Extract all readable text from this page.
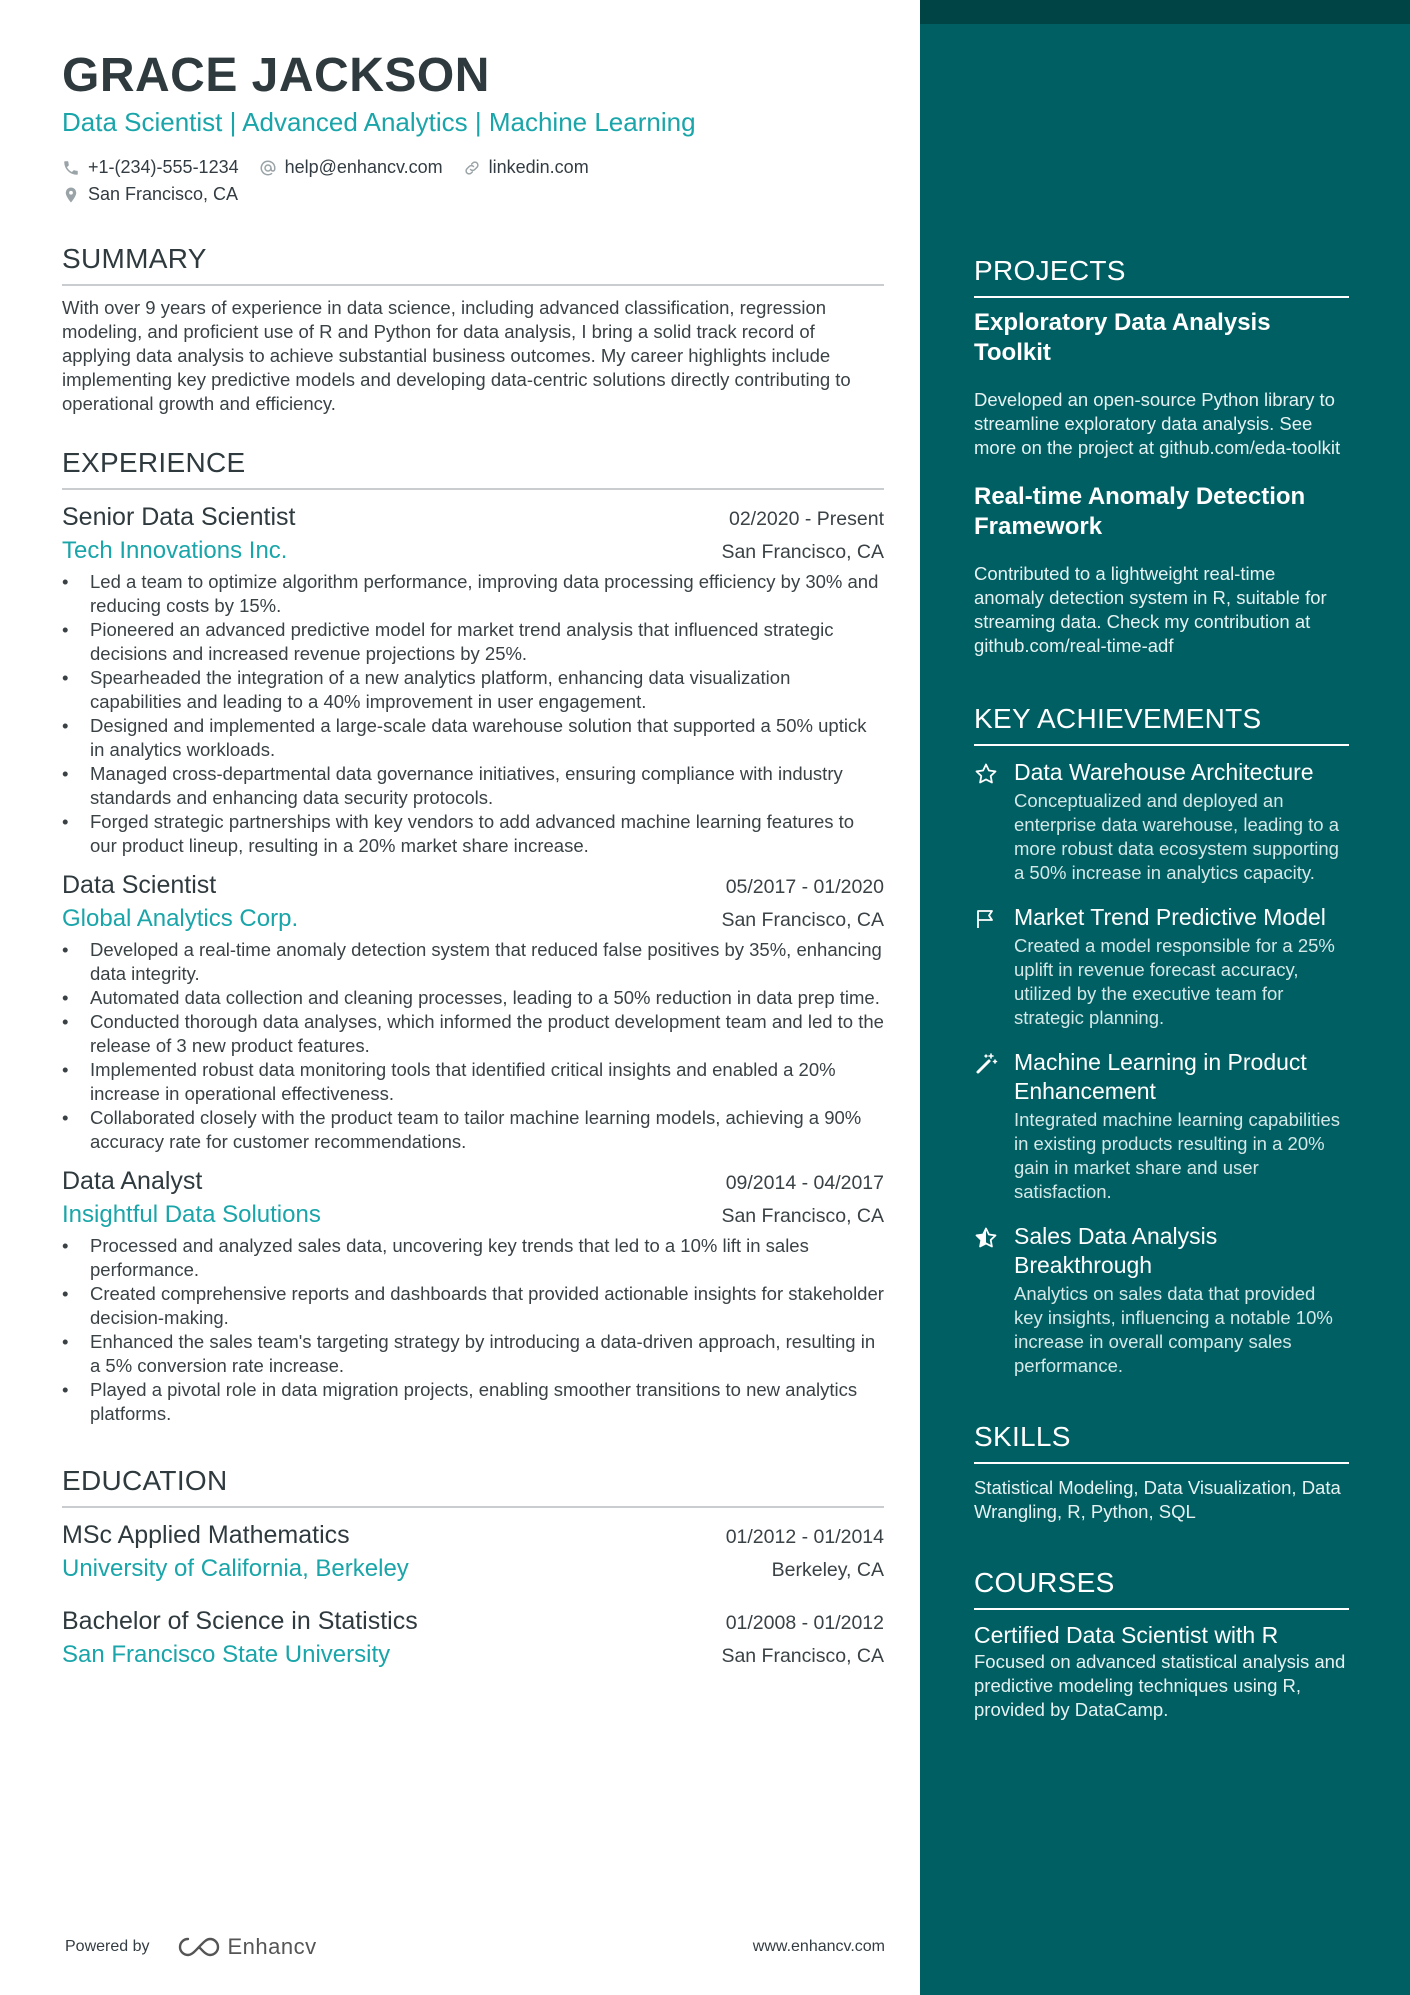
GRACE JACKSON
Data Scientist | Advanced Analytics | Machine Learning
+1-(234)-555-1234	help@enhancv.com	linkedin.com
San Francisco, CA
SUMMARY
With over 9 years of experience in data science, including advanced classification, regression modeling, and proficient use of R and Python for data analysis, I bring a solid track record of applying data analysis to achieve substantial business outcomes. My career highlights include implementing key predictive models and developing data-centric solutions directly contributing to operational growth and efficiency.
EXPERIENCE
Senior Data Scientist	02/2020 - Present
Tech Innovations Inc.	San Francisco, CA
• Led a team to optimize algorithm performance, improving data processing efficiency by 30% and reducing costs by 15%.
• Pioneered an advanced predictive model for market trend analysis that influenced strategic decisions and increased revenue projections by 25%.
• Spearheaded the integration of a new analytics platform, enhancing data visualization capabilities and leading to a 40% improvement in user engagement.
• Designed and implemented a large-scale data warehouse solution that supported a 50% uptick in analytics workloads.
• Managed cross-departmental data governance initiatives, ensuring compliance with industry standards and enhancing data security protocols.
• Forged strategic partnerships with key vendors to add advanced machine learning features to our product lineup, resulting in a 20% market share increase.
Data Scientist	05/2017 - 01/2020
Global Analytics Corp.	San Francisco, CA
• Developed a real-time anomaly detection system that reduced false positives by 35%, enhancing data integrity.
• Automated data collection and cleaning processes, leading to a 50% reduction in data prep time.
• Conducted thorough data analyses, which informed the product development team and led to the release of 3 new product features.
• Implemented robust data monitoring tools that identified critical insights and enabled a 20% increase in operational effectiveness.
• Collaborated closely with the product team to tailor machine learning models, achieving a 90% accuracy rate for customer recommendations.
Data Analyst	09/2014 - 04/2017
Insightful Data Solutions	San Francisco, CA
• Processed and analyzed sales data, uncovering key trends that led to a 10% lift in sales performance.
• Created comprehensive reports and dashboards that provided actionable insights for stakeholder decision-making.
• Enhanced the sales team's targeting strategy by introducing a data-driven approach, resulting in a 5% conversion rate increase.
• Played a pivotal role in data migration projects, enabling smoother transitions to new analytics platforms.
EDUCATION
MSc Applied Mathematics	01/2012 - 01/2014
University of California, Berkeley	Berkeley, CA
Bachelor of Science in Statistics	01/2008 - 01/2012
San Francisco State University	San Francisco, CA
Powered by	Enhancv	www.enhancv.com
PROJECTS
Exploratory Data Analysis Toolkit
Developed an open-source Python library to streamline exploratory data analysis. See more on the project at github.com/eda-toolkit
Real-time Anomaly Detection Framework
Contributed to a lightweight real-time anomaly detection system in R, suitable for streaming data. Check my contribution at github.com/real-time-adf
KEY ACHIEVEMENTS
Data Warehouse Architecture
Conceptualized and deployed an enterprise data warehouse, leading to a more robust data ecosystem supporting a 50% increase in analytics capacity.
Market Trend Predictive Model
Created a model responsible for a 25% uplift in revenue forecast accuracy, utilized by the executive team for strategic planning.
Machine Learning in Product Enhancement
Integrated machine learning capabilities in existing products resulting in a 20% gain in market share and user satisfaction.
Sales Data Analysis Breakthrough
Analytics on sales data that provided key insights, influencing a notable 10% increase in overall company sales performance.
SKILLS
Statistical Modeling, Data Visualization, Data Wrangling, R, Python, SQL
COURSES
Certified Data Scientist with R
Focused on advanced statistical analysis and predictive modeling techniques using R, provided by DataCamp.
